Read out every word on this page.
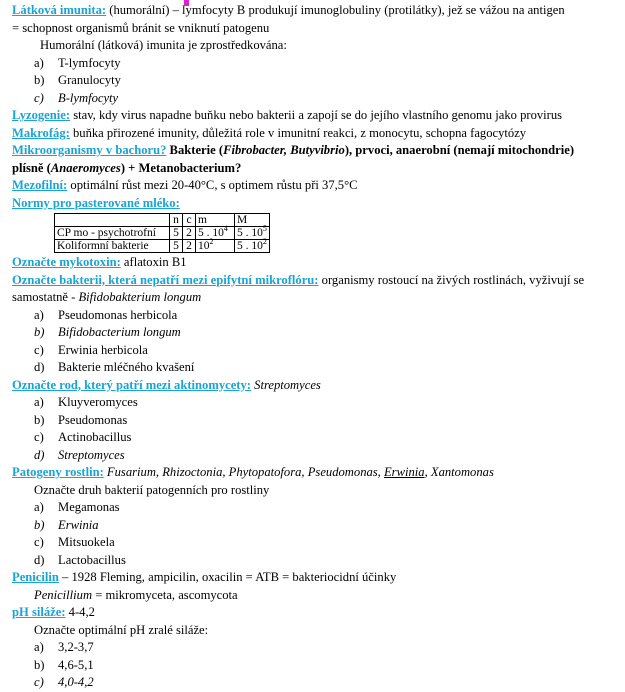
Látková imunita: (humorální) – lymfocyty B produkují imunoglobuliny (protilátky), jež se vážou na antigen
= schopnost organismů bránit se vniknutí patogenu
Humorální (látková) imunita je zprostředkována:
a)	T-lymfocyty
b)	Granulocyty
c)	B-lymfocyty
Lyzogenie: stav, kdy virus napadne buňku nebo bakterii a zapojí se do jejího vlastního genomu jako provirus
Makrofág: buňka přirozené imunity, důležitá role v imunitní reakci, z monocytu, schopna fagocytózy
Mikroorganismy v bachoru? Bakterie (Fibrobacter, Butyvibrio), prvoci, anaerobní (nemají mitochondrie)
plísně (Anaeromyces) + Metanobacterium?
Mezofilní: optimální růst mezi 20-40°C, s optimem růstu při 37,5°C
Normy pro pasterované mléko:
	n	c	m	M
CP mo - psychotrofní	5	2	5 . $10^4$	5 . $10^5$
Koliformní bakterie	5	2	$10^2$	5 . $10^2$
Označte mykotoxin: aflatoxin B1
Označte bakterii, která nepatří mezi epifytní mikroflóru: organismy rostoucí na živých rostlinách, vyživují se
samostatně - Bifidobakterium longum
a)	Pseudomonas herbicola
b)	Bifidobacterium longum
c)	Erwinia herbicola
d)	Bakterie mléčného kvašení
Označte rod, který patří mezi aktinomycety: Streptomyces
a)	Kluyveromyces
b)	Pseudomonas
c)	Actinobacillus
d)	Streptomyces
Patogeny rostlin: Fusarium, Rhizoctonia, Phytopatofora, Pseudomonas, Erwinia, Xantomonas
Označte druh bakterií patogenních pro rostliny
a)	Megamonas
b)	Erwinia
c)	Mitsuokela
d)	Lactobacillus
Penicilin – 1928 Fleming, ampicilin, oxacilin = ATB = bakteriocidní účinky
Penicillium = mikromyceta, ascomycota
pH siláže: 4-4,2
Označte optimální pH zralé siláže:
a)	3,2-3,7
b)	4,6-5,1
c)	4,0-4,2
